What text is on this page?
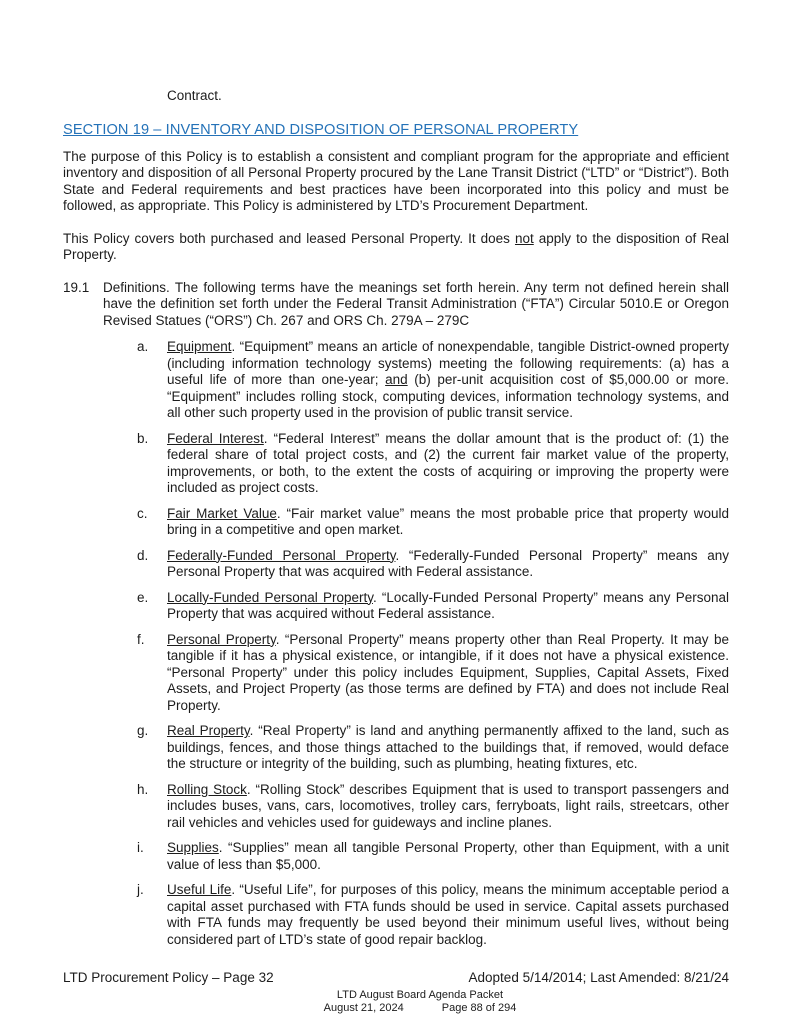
Contract.
SECTION 19 – INVENTORY AND DISPOSITION OF PERSONAL PROPERTY
The purpose of this Policy is to establish a consistent and compliant program for the appropriate and efficient inventory and disposition of all Personal Property procured by the Lane Transit District (“LTD” or “District”). Both State and Federal requirements and best practices have been incorporated into this policy and must be followed, as appropriate. This Policy is administered by LTD’s Procurement Department.
This Policy covers both purchased and leased Personal Property. It does not apply to the disposition of Real Property.
19.1	Definitions. The following terms have the meanings set forth herein. Any term not defined herein shall have the definition set forth under the Federal Transit Administration (“FTA”) Circular 5010.E or Oregon Revised Statues (“ORS”) Ch. 267 and ORS Ch. 279A – 279C
a.	Equipment. “Equipment” means an article of nonexpendable, tangible District-owned property (including information technology systems) meeting the following requirements: (a) has a useful life of more than one-year; and (b) per-unit acquisition cost of $5,000.00 or more. “Equipment” includes rolling stock, computing devices, information technology systems, and all other such property used in the provision of public transit service.
b.	Federal Interest. “Federal Interest” means the dollar amount that is the product of: (1) the federal share of total project costs, and (2) the current fair market value of the property, improvements, or both, to the extent the costs of acquiring or improving the property were included as project costs.
c.	Fair Market Value. “Fair market value” means the most probable price that property would bring in a competitive and open market.
d.	Federally-Funded Personal Property. “Federally-Funded Personal Property” means any Personal Property that was acquired with Federal assistance.
e.	Locally-Funded Personal Property. “Locally-Funded Personal Property” means any Personal Property that was acquired without Federal assistance.
f.	Personal Property. “Personal Property” means property other than Real Property. It may be tangible if it has a physical existence, or intangible, if it does not have a physical existence. “Personal Property” under this policy includes Equipment, Supplies, Capital Assets, Fixed Assets, and Project Property (as those terms are defined by FTA) and does not include Real Property.
g.	Real Property. “Real Property” is land and anything permanently affixed to the land, such as buildings, fences, and those things attached to the buildings that, if removed, would deface the structure or integrity of the building, such as plumbing, heating fixtures, etc.
h.	Rolling Stock. “Rolling Stock” describes Equipment that is used to transport passengers and includes buses, vans, cars, locomotives, trolley cars, ferryboats, light rails, streetcars, other rail vehicles and vehicles used for guideways and incline planes.
i.	Supplies. “Supplies” mean all tangible Personal Property, other than Equipment, with a unit value of less than $5,000.
j.	Useful Life. “Useful Life”, for purposes of this policy, means the minimum acceptable period a capital asset purchased with FTA funds should be used in service. Capital assets purchased with FTA funds may frequently be used beyond their minimum useful lives, without being considered part of LTD’s state of good repair backlog.
LTD Procurement Policy – Page 32	Adopted 5/14/2014; Last Amended: 8/21/24
LTD August Board Agenda Packet
August 21, 2024	Page 88 of 294
